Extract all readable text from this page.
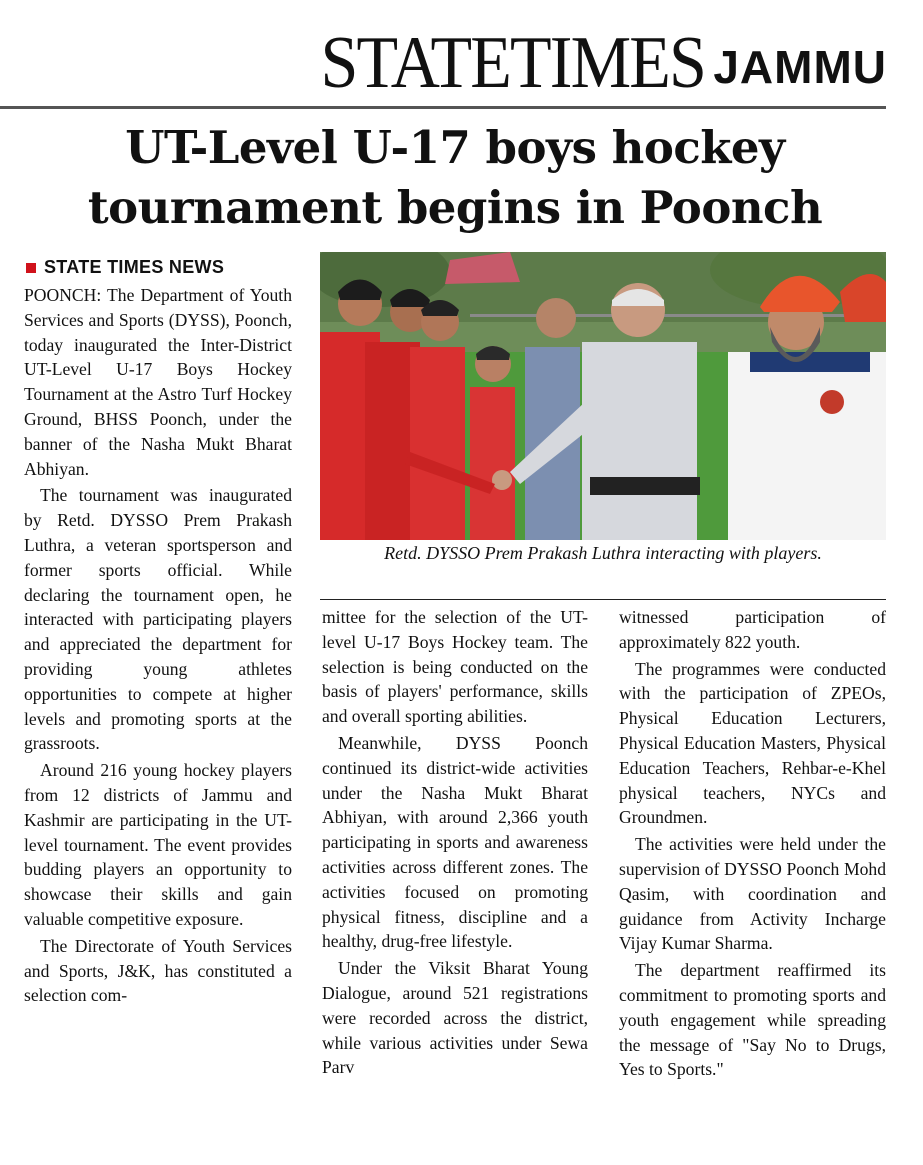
STATETIMES JAMMU
UT-Level U-17 boys hockey tournament begins in Poonch
STATE TIMES NEWS

POONCH: The Department of Youth Services and Sports (DYSS), Poonch, today inaugurated the Inter-District UT-Level U-17 Boys Hockey Tournament at the Astro Turf Hockey Ground, BHSS Poonch, under the banner of the Nasha Mukt Bharat Abhiyan.

The tournament was inaugurated by Retd. DYSSO Prem Prakash Luthra, a veteran sportsperson and former sports official. While declaring the tournament open, he interacted with participating players and appreciated the department for providing young athletes opportunities to compete at higher levels and promoting sports at the grassroots.

Around 216 young hockey players from 12 districts of Jammu and Kashmir are participating in the UT-level tournament. The event provides budding players an opportunity to showcase their skills and gain valuable competitive exposure.

The Directorate of Youth Services and Sports, J&K, has constituted a selection com-

Retd. DYSSO Prem Prakash Luthra interacting with players.

mittee for the selection of the UT-level U-17 Boys Hockey team. The selection is being conducted on the basis of players' performance, skills and overall sporting abilities.

Meanwhile, DYSS Poonch continued its district-wide activities under the Nasha Mukt Bharat Abhiyan, with around 2,366 youth participating in sports and awareness activities across different zones. The activities focused on promoting physical fitness, discipline and a healthy, drug-free lifestyle.

Under the Viksit Bharat Young Dialogue, around 521 registrations were recorded across the district, while various activities under Sewa Parv

witnessed participation of approximately 822 youth.

The programmes were conducted with the participation of ZPEOs, Physical Education Lecturers, Physical Education Masters, Physical Education Teachers, Rehbar-e-Khel physical teachers, NYCs and Groundmen.

The activities were held under the supervision of DYSSO Poonch Mohd Qasim, with coordination and guidance from Activity Incharge Vijay Kumar Sharma.

The department reaffirmed its commitment to promoting sports and youth engagement while spreading the message of "Say No to Drugs, Yes to Sports."
